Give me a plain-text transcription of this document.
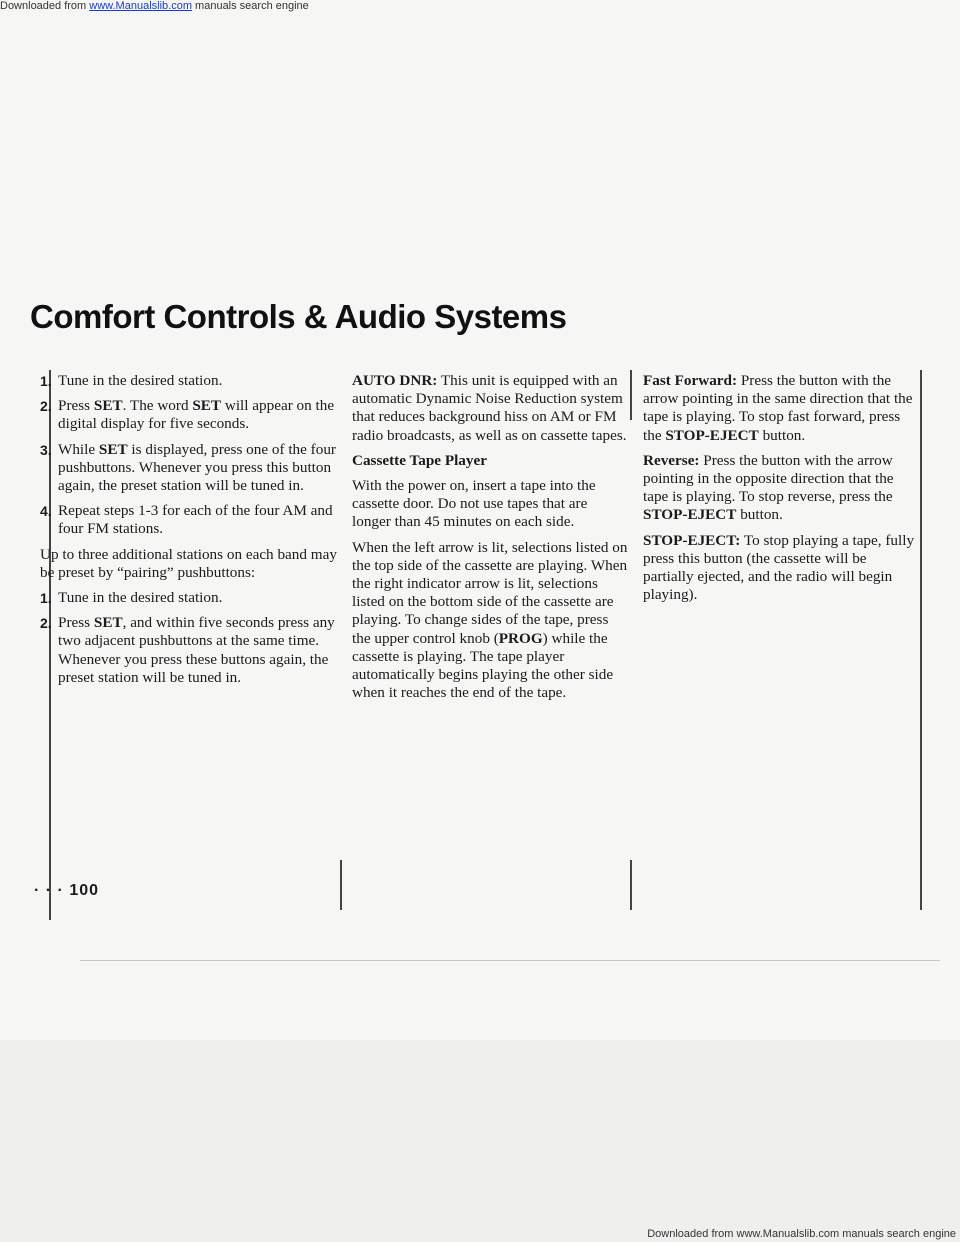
Downloaded from www.Manualslib.com manuals search engine

Comfort Controls & Audio Systems
1. Tune in the desired station.
2. Press SET. The word SET will appear on the digital display for five seconds.
3. While SET is displayed, press one of the four pushbuttons. Whenever you press this button again, the preset station will be tuned in.
4. Repeat steps 1-3 for each of the four AM and four FM stations.

Up to three additional stations on each band may be preset by “pairing” pushbuttons:

1. Tune in the desired station.
2. Press SET, and within five seconds press any two adjacent pushbuttons at the same time. Whenever you press these buttons again, the preset station will be tuned in.

AUTO DNR: This unit is equipped with an automatic Dynamic Noise Reduction system that reduces background hiss on AM or FM radio broadcasts, as well as on cassette tapes.

Cassette Tape Player

With the power on, insert a tape into the cassette door. Do not use tapes that are longer than 45 minutes on each side.

When the left arrow is lit, selections listed on the top side of the cassette are playing. When the right indicator arrow is lit, selections listed on the bottom side of the cassette are playing. To change sides of the tape, press the upper control knob (PROG) while the cassette is playing. The tape player automatically begins playing the other side when it reaches the end of the tape.

Fast Forward: Press the button with the arrow pointing in the same direction that the tape is playing. To stop fast forward, press the STOP-EJECT button.

Reverse: Press the button with the arrow pointing in the opposite direction that the tape is playing. To stop reverse, press the STOP-EJECT button.

STOP-EJECT: To stop playing a tape, fully press this button (the cassette will be partially ejected, and the radio will begin playing).

· · · 100

Downloaded from www.Manualslib.com manuals search engine
